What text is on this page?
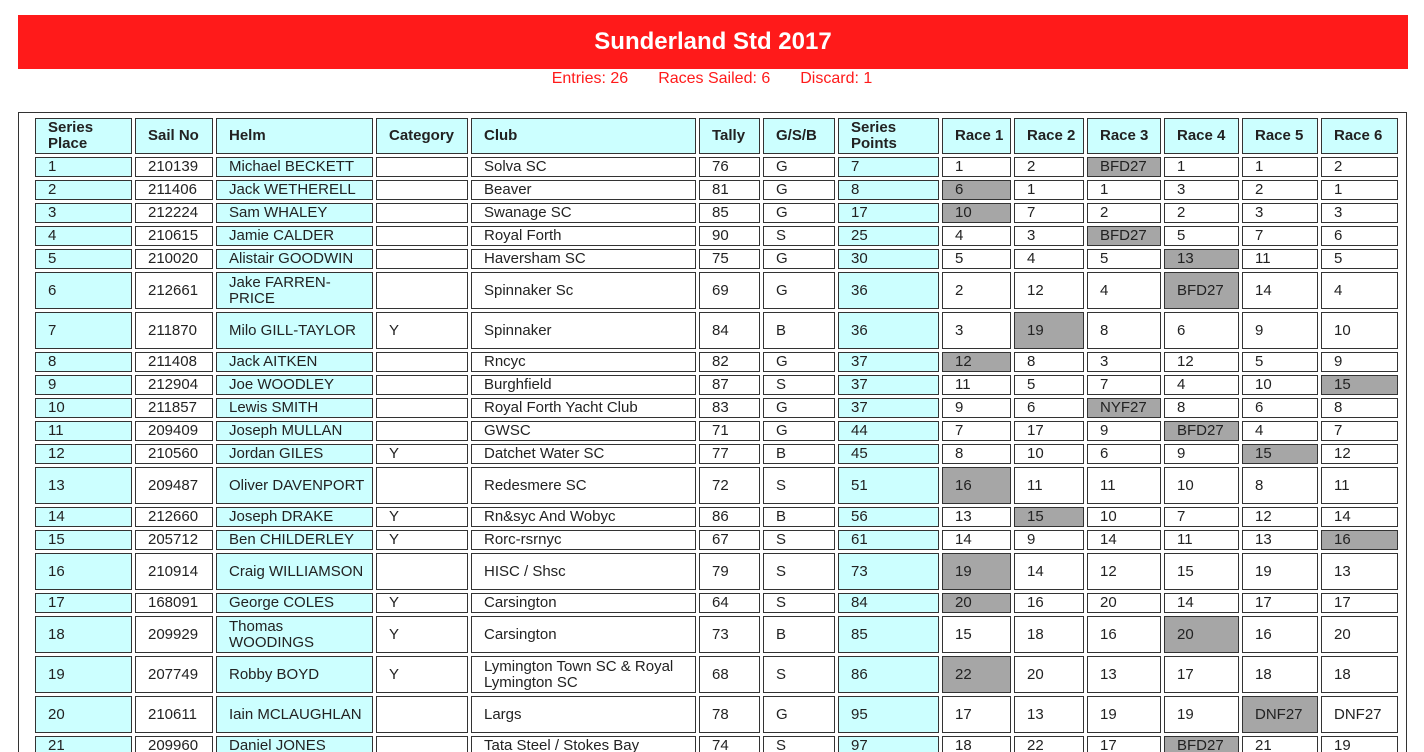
Sunderland Std 2017
Entries: 26 Races Sailed: 6 Discard: 1
Series Place	Sail No	Helm	Category	Club	Tally	G/S/B	Series Points	Race 1	Race 2	Race 3	Race 4	Race 5	Race 6
1	210139	Michael BECKETT		Solva SC	76	G	7	1	2	BFD27	1	1	2
2	211406	Jack WETHERELL		Beaver	81	G	8	6	1	1	3	2	1
3	212224	Sam WHALEY		Swanage SC	85	G	17	10	7	2	2	3	3
4	210615	Jamie CALDER		Royal Forth	90	S	25	4	3	BFD27	5	7	6
5	210020	Alistair GOODWIN		Haversham SC	75	G	30	5	4	5	13	11	5
6	212661	Jake FARREN-PRICE		Spinnaker Sc	69	G	36	2	12	4	BFD27	14	4
7	211870	Milo GILL-TAYLOR	Y	Spinnaker	84	B	36	3	19	8	6	9	10
8	211408	Jack AITKEN		Rncyc	82	G	37	12	8	3	12	5	9
9	212904	Joe WOODLEY		Burghfield	87	S	37	11	5	7	4	10	15
10	211857	Lewis SMITH		Royal Forth Yacht Club	83	G	37	9	6	NYF27	8	6	8
11	209409	Joseph MULLAN		GWSC	71	G	44	7	17	9	BFD27	4	7
12	210560	Jordan GILES	Y	Datchet Water SC	77	B	45	8	10	6	9	15	12
13	209487	Oliver DAVENPORT		Redesmere SC	72	S	51	16	11	11	10	8	11
14	212660	Joseph DRAKE	Y	Rn&syc And Wobyc	86	B	56	13	15	10	7	12	14
15	205712	Ben CHILDERLEY	Y	Rorc-rsrnyc	67	S	61	14	9	14	11	13	16
16	210914	Craig WILLIAMSON		HISC / Shsc	79	S	73	19	14	12	15	19	13
17	168091	George COLES	Y	Carsington	64	S	84	20	16	20	14	17	17
18	209929	Thomas WOODINGS	Y	Carsington	73	B	85	15	18	16	20	16	20
19	207749	Robby BOYD	Y	Lymington Town SC & Royal Lymington SC	68	S	86	22	20	13	17	18	18
20	210611	Iain MCLAUGHLAN		Largs	78	G	95	17	13	19	19	DNF27	DNF27
21	209960	Daniel JONES		Tata Steel / Stokes Bay	74	S	97	18	22	17	BFD27	21	19
